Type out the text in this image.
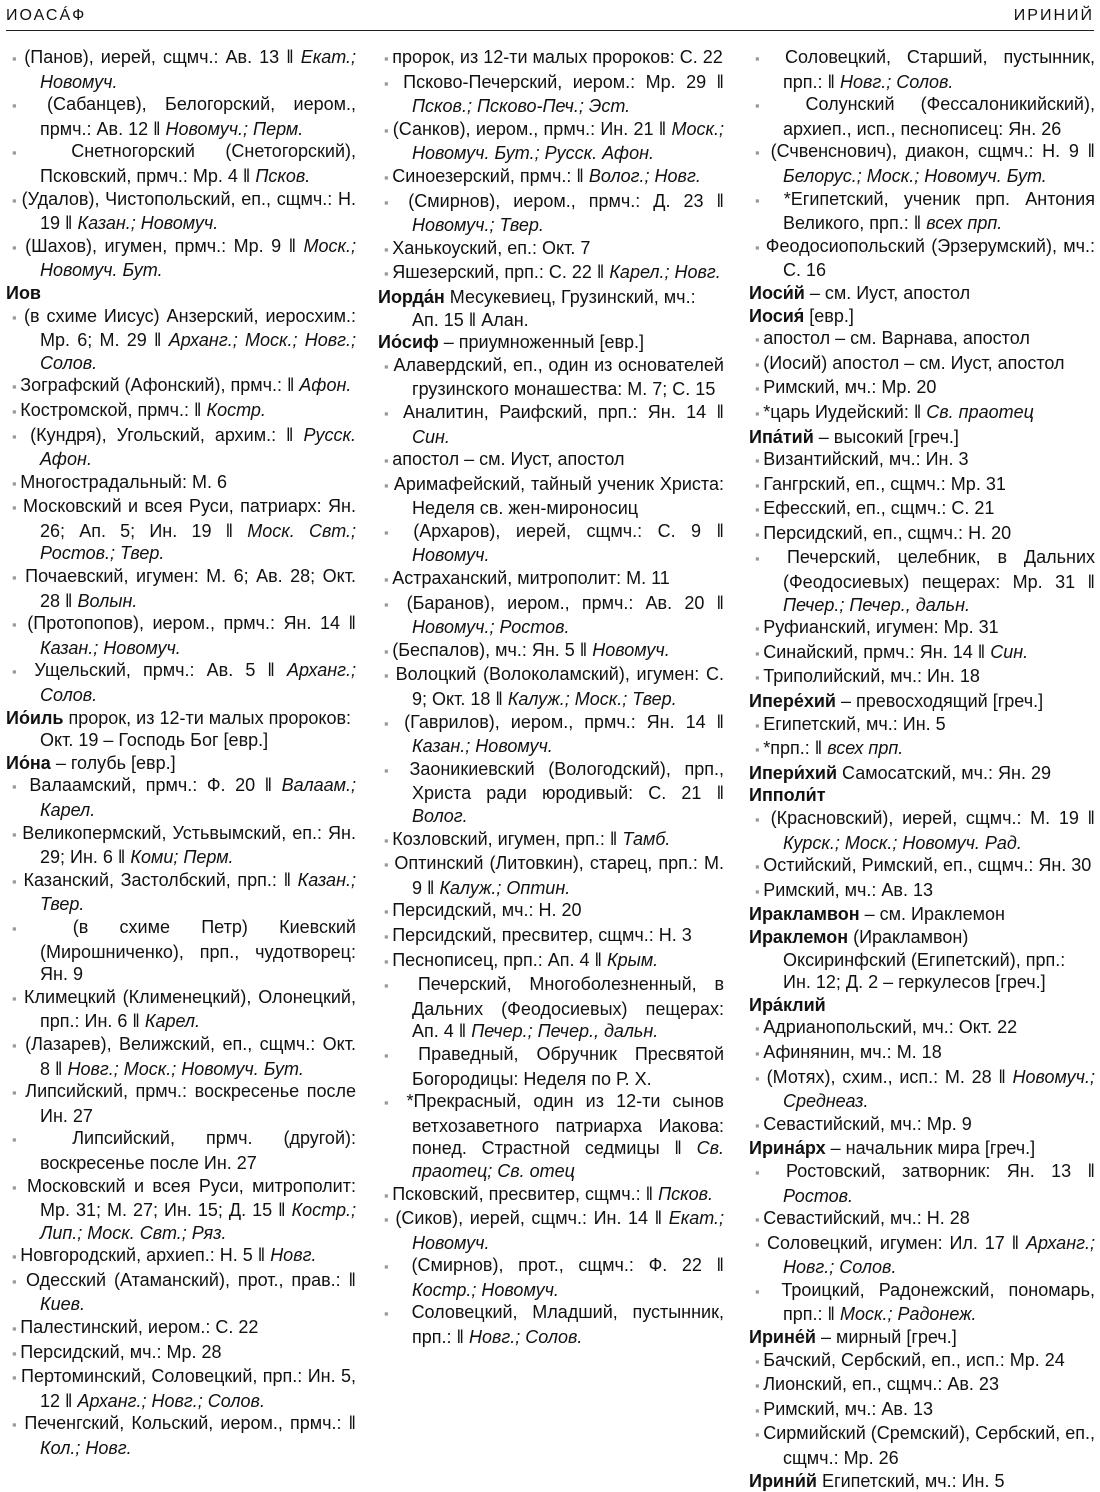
ИОАСÁФ	ИРИНИЙ

▪ (Панов), иерей, сщмч.: Ав. 13 ‖ Екат.; Новомуч.

▪ (Сабанцев), Белогорский, иером., прмч.: Ав. 12 ‖ Новомуч.; Перм.

▪ Снетногорский (Снетогорский), Псковский, прмч.: Мр. 4 ‖ Псков.

▪ (Удалов), Чистопольский, еп., сщмч.: Н. 19 ‖ Казан.; Новомуч.

▪ (Шахов), игумен, прмч.: Мр. 9 ‖ Моск.; Новомуч. Бут.

Иов

▪ (в схиме Иисус) Анзерский, иеросхим.: Мр. 6; М. 29 ‖ Арханг.; Моск.; Новг.; Солов.

▪ Зографский (Афонский), прмч.: ‖ Афон.

▪ Костромской, прмч.: ‖ Костр.

▪ (Кундря), Угольский, архим.: ‖ Русск. Афон.

▪ Многострадальный: М. 6

▪ Московский и всея Руси, патриарх: Ян. 26; Ап. 5; Ин. 19 ‖ Моск. Свт.; Ростов.; Твер.

▪ Почаевский, игумен: М. 6; Ав. 28; Окт. 28 ‖ Волын.

▪ (Протопопов), иером., прмч.: Ян. 14 ‖ Казан.; Новомуч.

▪ Ущельский, прмч.: Ав. 5 ‖ Арханг.; Солов.

Ио́иль пророк, из 12-ти малых пророков: Окт. 19 – Господь Бог [евр.]

Ио́на – голубь [евр.]

▪ Валаамский, прмч.: Ф. 20 ‖ Валаам.; Карел.

▪ Великопермский, Устьвымский, еп.: Ян. 29; Ин. 6 ‖ Коми; Перм.

▪ Казанский, Застолбский, прп.: ‖ Казан.; Твер.

▪ (в схиме Петр) Киевский (Мирошниченко), прп., чудотворец: Ян. 9

▪ Климецкий (Клименецкий), Олонецкий, прп.: Ин. 6 ‖ Карел.

▪ (Лазарев), Велижский, еп., сщмч.: Окт. 8 ‖ Новг.; Моск.; Новомуч. Бут.

▪ Липсийский, прмч.: воскресенье после Ин. 27

▪ Липсийский, прмч. (другой): воскресенье после Ин. 27

▪ Московский и всея Руси, митрополит: Мр. 31; М. 27; Ин. 15; Д. 15 ‖ Костр.; Лип.; Моск. Свт.; Ряз.

▪ Новгородский, архиеп.: Н. 5 ‖ Новг.

▪ Одесский (Атаманский), прот., прав.: ‖ Киев.

▪ Палестинский, иером.: С. 22

▪ Персидский, мч.: Мр. 28

▪ Пертоминский, Соловецкий, прп.: Ин. 5, 12 ‖ Арханг.; Новг.; Солов.

▪ Печенгский, Кольский, иером., прмч.: ‖ Кол.; Новг.

▪ пророк, из 12-ти малых пророков: С. 22

▪ Псково-Печерский, иером.: Мр. 29 ‖ Псков.; Псково-Печ.; Эст.

▪ (Санков), иером., прмч.: Ин. 21 ‖ Моск.; Новомуч. Бут.; Русск. Афон.

▪ Синоезерский, прмч.: ‖ Волог.; Новг.

▪ (Смирнов), иером., прмч.: Д. 23 ‖ Новомуч.; Твер.

▪ Ханькоуский, еп.: Окт. 7

▪ Яшезерский, прп.: С. 22 ‖ Карел.; Новг.

Иорда́н Месукевиец, Грузинский, мч.: Ап. 15 ‖ Алан.

Ио́сиф – приумноженный [евр.]

▪ Алавердский, еп., один из основателей грузинского монашества: М. 7; С. 15

▪ Аналитин, Раифский, прп.: Ян. 14 ‖ Син.

▪ апостол – см. Иуст, апостол

▪ Аримафейский, тайный ученик Христа: Неделя св. жен-мироносиц

▪ (Архаров), иерей, сщмч.: С. 9 ‖ Новомуч.

▪ Астраханский, митрополит: М. 11

▪ (Баранов), иером., прмч.: Ав. 20 ‖ Новомуч.; Ростов.

▪ (Беспалов), мч.: Ян. 5 ‖ Новомуч.

▪ Волоцкий (Волоколамский), игумен: С. 9; Окт. 18 ‖ Калуж.; Моск.; Твер.

▪ (Гаврилов), иером., прмч.: Ян. 14 ‖ Казан.; Новомуч.

▪ Заоникиевский (Вологодский), прп., Христа ради юродивый: С. 21 ‖ Волог.

▪ Козловский, игумен, прп.: ‖ Тамб.

▪ Оптинский (Литовкин), старец, прп.: М. 9 ‖ Калуж.; Оптин.

▪ Персидский, мч.: Н. 20

▪ Персидский, пресвитер, сщмч.: Н. 3

▪ Песнописец, прп.: Ап. 4 ‖ Крым.

▪ Печерский, Многоболезненный, в Дальних (Феодосиевых) пещерах: Ап. 4 ‖ Печер.; Печер., дальн.

▪ Праведный, Обручник Пресвятой Богородицы: Неделя по Р. Х.

▪ *Прекрасный, один из 12-ти сынов ветхозаветного патриарха Иакова: понед. Страстной седмицы ‖ Св. праотец; Св. отец

▪ Псковский, пресвитер, сщмч.: ‖ Псков.

▪ (Сиков), иерей, сщмч.: Ин. 14 ‖ Екат.; Новомуч.

▪ (Смирнов), прот., сщмч.: Ф. 22 ‖ Костр.; Новомуч.

▪ Соловецкий, Младший, пустынник, прп.: ‖ Новг.; Солов.

▪ Соловецкий, Старший, пустынник, прп.: ‖ Новг.; Солов.

▪ Солунский (Фессалоникийский), архиеп., исп., песнописец: Ян. 26

▪ (Счвенснович), диакон, сщмч.: Н. 9 ‖ Белорус.; Моск.; Новомуч. Бут.

▪ *Египетский, ученик прп. Антония Великого, прп.: ‖ всех прп.

▪ Феодосиопольский (Эрзерумский), мч.: С. 16

Иоси́й – см. Иуст, апостол

Иосия́ [евр.]

▪ апостол – см. Варнава, апостол

▪ (Иосий) апостол – см. Иуст, апостол

▪ Римский, мч.: Мр. 20

▪ *царь Иудейский: ‖ Св. праотец

Ипа́тий – высокий [греч.]

▪ Византийский, мч.: Ин. 3

▪ Гангрский, еп., сщмч.: Мр. 31

▪ Ефесский, еп., сщмч.: С. 21

▪ Персидский, еп., сщмч.: Н. 20

▪ Печерский, целебник, в Дальних (Феодосиевых) пещерах: Мр. 31 ‖ Печер.; Печер., дальн.

▪ Руфианский, игумен: Мр. 31

▪ Синайский, прмч.: Ян. 14 ‖ Син.

▪ Триполийский, мч.: Ин. 18

Ипере́хий – превосходящий [греч.]

▪ Египетский, мч.: Ин. 5

▪ *прп.: ‖ всех прп.

Ипери́хий Самосатский, мч.: Ян. 29

Ипполи́т

▪ (Красновский), иерей, сщмч.: М. 19 ‖ Курск.; Моск.; Новомуч. Рад.

▪ Остийский, Римский, еп., сщмч.: Ян. 30

▪ Римский, мч.: Ав. 13

Иракламвон – см. Ираклемон

Ираклемон (Иракламвон) Оксиринфский (Египетский), прп.: Ин. 12; Д. 2 – геркулесов [греч.]

Ира́клий

▪ Адрианопольский, мч.: Окт. 22

▪ Афинянин, мч.: М. 18

▪ (Мотях), схим., исп.: М. 28 ‖ Новомуч.; Среднеаз.

▪ Севастийский, мч.: Мр. 9

Ирина́рх – начальник мира [греч.]

▪ Ростовский, затворник: Ян. 13 ‖ Ростов.

▪ Севастийский, мч.: Н. 28

▪ Соловецкий, игумен: Ил. 17 ‖ Арханг.; Новг.; Солов.

▪ Троицкий, Радонежский, пономарь, прп.: ‖ Моск.; Радонеж.

Ирине́й – мирный [греч.]

▪ Бачский, Сербский, еп., исп.: Мр. 24

▪ Лионский, еп., сщмч.: Ав. 23

▪ Римский, мч.: Ав. 13

▪ Сирмийский (Сремский), Сербский, еп., сщмч.: Мр. 26

Ирини́й Египетский, мч.: Ин. 5
